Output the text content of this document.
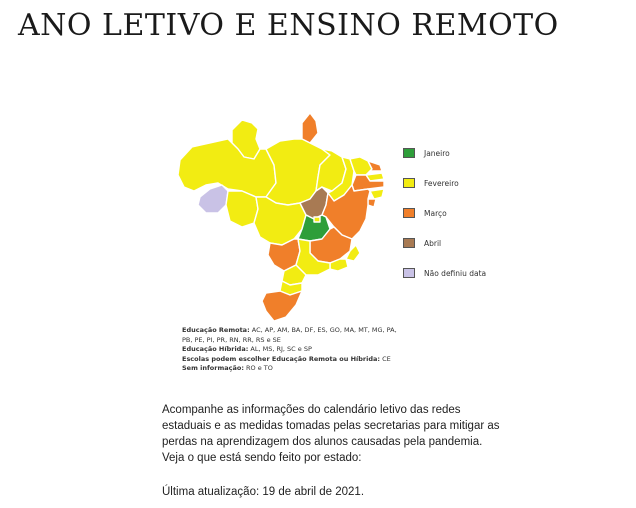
ANO LETIVO E ENSINO REMOTO
Janeiro
Fevereiro
Março
Abril
Não definiu data
Educação Remota: AC, AP, AM, BA, DF, ES, GO, MA, MT, MG, PA,
PB, PE, PI, PR, RN, RR, RS e SE
Educação Híbrida: AL, MS, RJ, SC e SP
Escolas podem escolher Educação Remota ou Híbrida: CE
Sem informação: RO e TO

Acompanhe as informações do calendário letivo das redes estaduais e as medidas tomadas pelas secretarias para mitigar as perdas na aprendizagem dos alunos causadas pela pandemia. Veja o que está sendo feito por estado:

Última atualização: 19 de abril de 2021.
